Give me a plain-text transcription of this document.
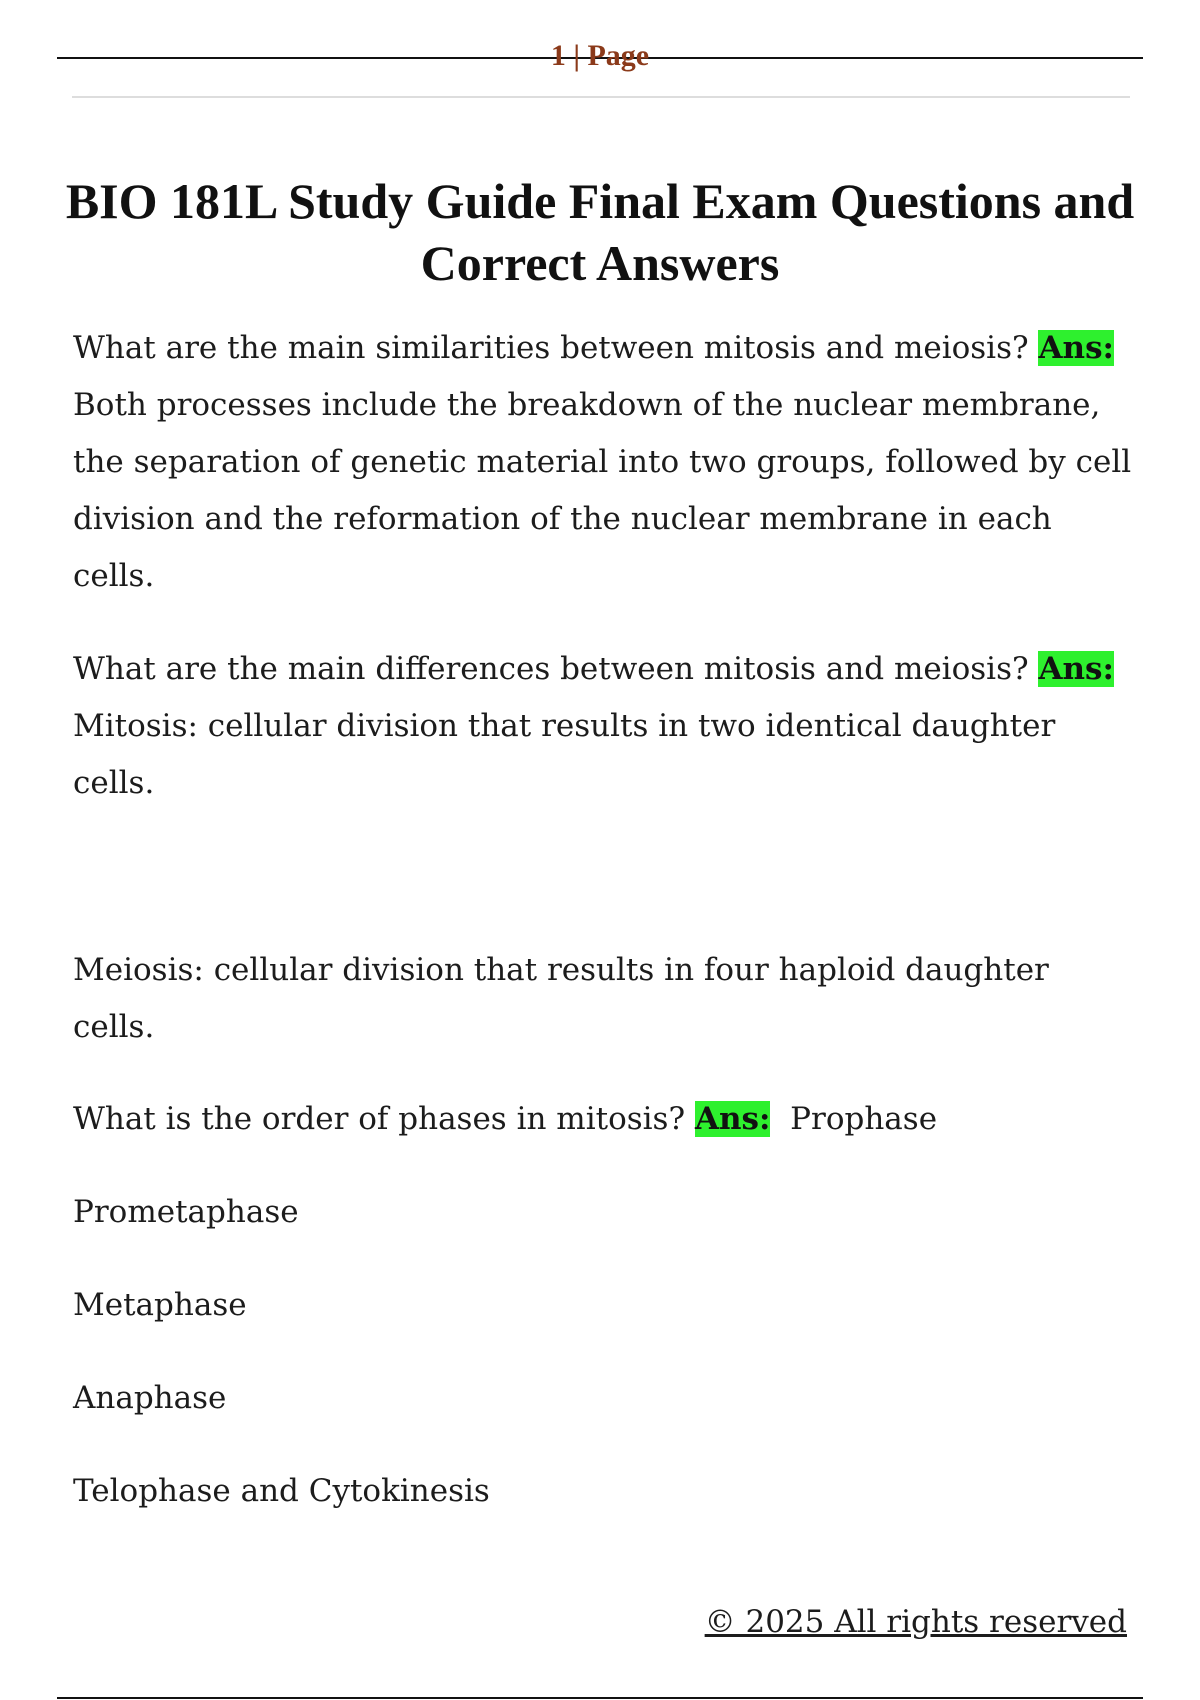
1 | Page
BIO 181L Study Guide Final Exam Questions and Correct Answers

What are the main similarities between mitosis and meiosis? Ans:
Both processes include the breakdown of the nuclear membrane, the separation of genetic material into two groups, followed by cell division and the reformation of the nuclear membrane in each cells.

What are the main differences between mitosis and meiosis? Ans:
Mitosis: cellular division that results in two identical daughter cells.

Meiosis: cellular division that results in four haploid daughter cells.

What is the order of phases in mitosis? Ans: Prophase

Prometaphase

Metaphase

Anaphase

Telophase and Cytokinesis

© 2025 All rights reserved
